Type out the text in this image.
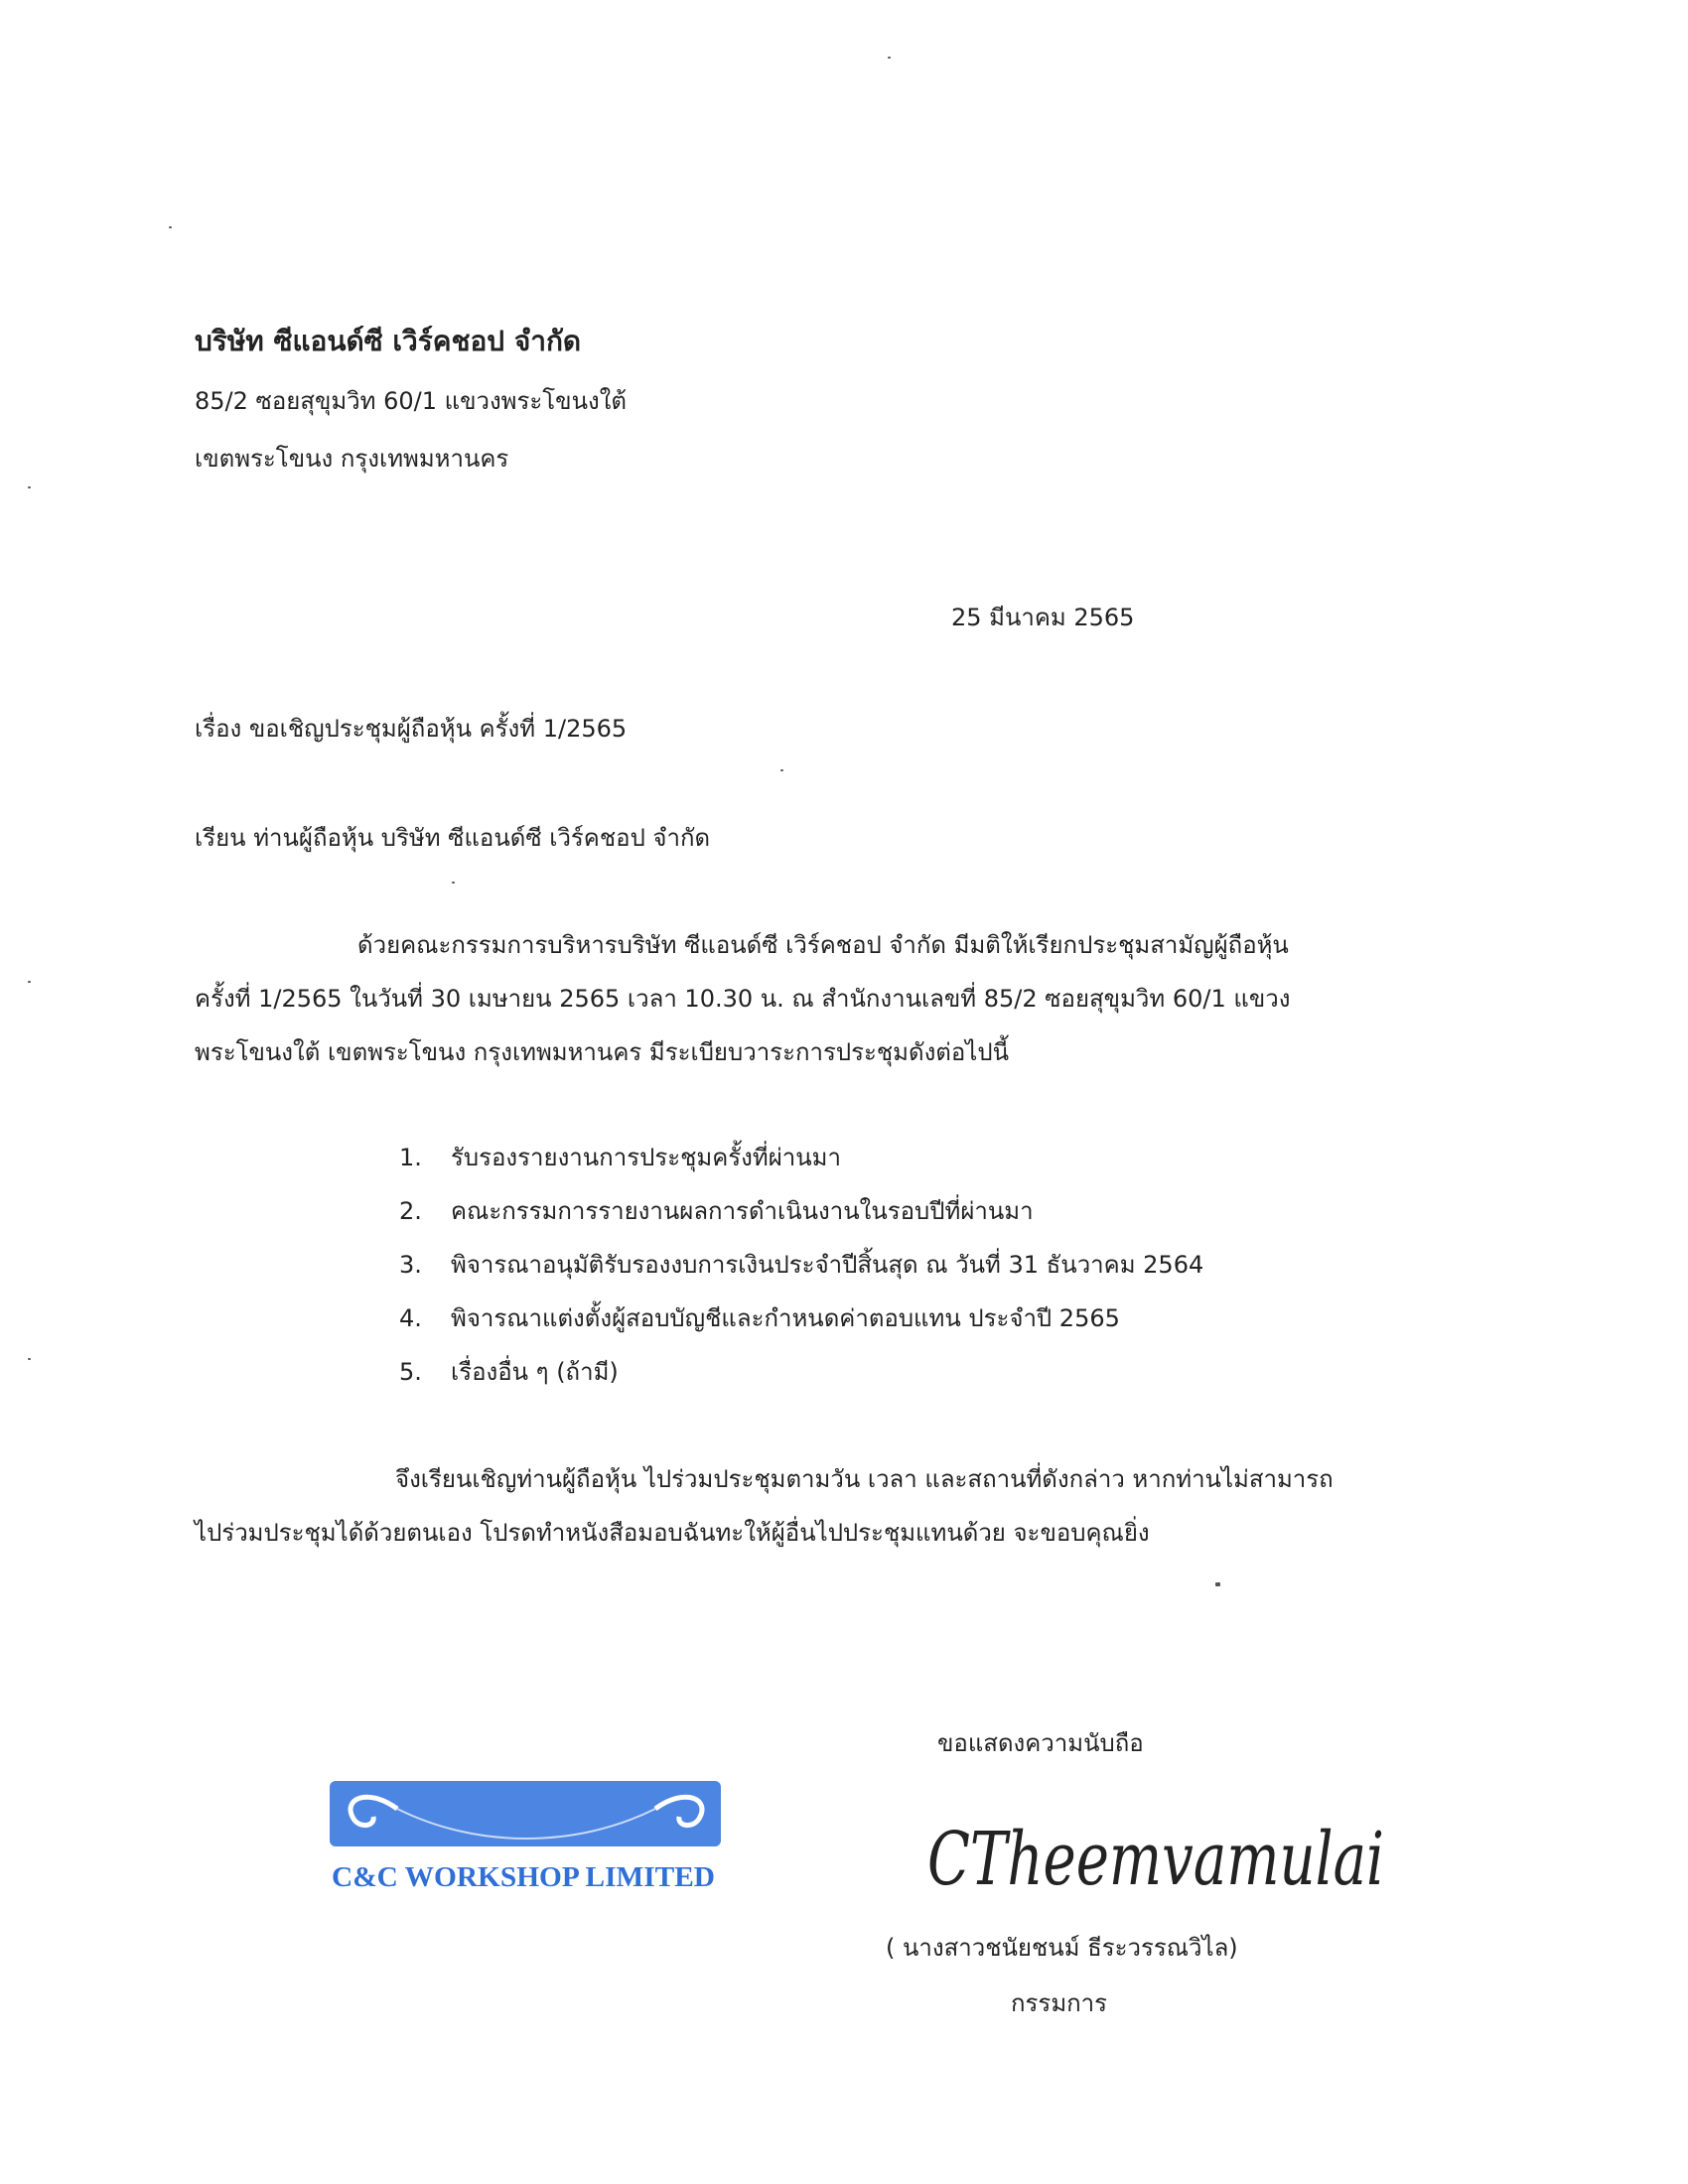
บริษัท ซีแอนด์ซี เวิร์คชอป จำกัด
85/2 ซอยสุขุมวิท 60/1 แขวงพระโขนงใต้
เขตพระโขนง กรุงเทพมหานคร
25 มีนาคม 2565
เรื่อง ขอเชิญประชุมผู้ถือหุ้น ครั้งที่ 1/2565
เรียน ท่านผู้ถือหุ้น บริษัท ซีแอนด์ซี เวิร์คชอป จำกัด
ด้วยคณะกรรมการบริหารบริษัท ซีแอนด์ซี เวิร์คชอป จำกัด มีมติให้เรียกประชุมสามัญผู้ถือหุ้น
ครั้งที่ 1/2565 ในวันที่ 30 เมษายน 2565 เวลา 10.30 น. ณ สำนักงานเลขที่ 85/2 ซอยสุขุมวิท 60/1 แขวง
พระโขนงใต้ เขตพระโขนง กรุงเทพมหานคร มีระเบียบวาระการประชุมดังต่อไปนี้
1. รับรองรายงานการประชุมครั้งที่ผ่านมา
2. คณะกรรมการรายงานผลการดำเนินงานในรอบปีที่ผ่านมา
3. พิจารณาอนุมัติรับรองงบการเงินประจำปีสิ้นสุด ณ วันที่ 31 ธันวาคม 2564
4. พิจารณาแต่งตั้งผู้สอบบัญชีและกำหนดค่าตอบแทน ประจำปี 2565
5. เรื่องอื่น ๆ (ถ้ามี)
จึงเรียนเชิญท่านผู้ถือหุ้น ไปร่วมประชุมตามวัน เวลา และสถานที่ดังกล่าว หากท่านไม่สามารถ
ไปร่วมประชุมได้ด้วยตนเอง โปรดทำหนังสือมอบฉันทะให้ผู้อื่นไปประชุมแทนด้วย จะขอบคุณยิ่ง
ขอแสดงความนับถือ
C&C WORKSHOP LIMITED	CTheemvamulai
( นางสาวชนัยชนม์ ธีระวรรณวิไล)
กรรมการ
